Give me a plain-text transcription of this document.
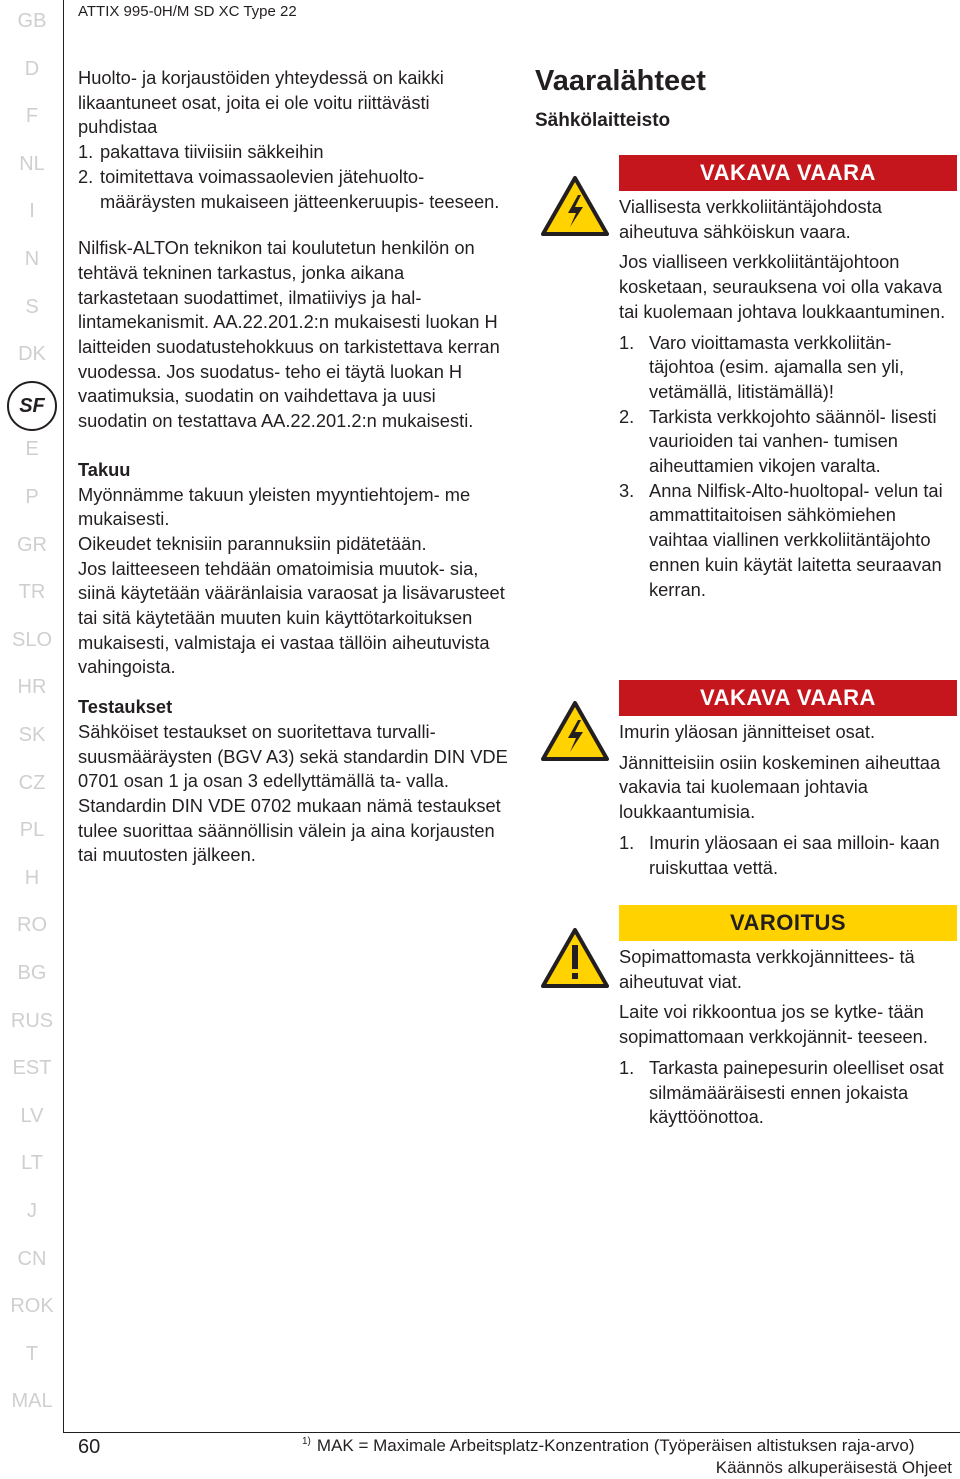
ATTIX 995-0H/M SD XC Type 22
GB
D
F
NL
I
N
S
DK
SF
E
P
GR
TR
SLO
HR
SK
CZ
PL
H
RO
BG
RUS
EST
LV
LT
J
CN
ROK
T
MAL

Huolto- ja korjaustöiden yhteydessä on kaikki likaantuneet osat, joita ei ole voitu riittävästi puhdistaa

1. pakattava tiiviisiin säkkeihin
2. toimitettava voimassaolevien jätehuolto- määräysten mukaiseen jätteenkeruupis- teeseen.

Nilfisk-ALTOn teknikon tai koulutetun henkilön on tehtävä tekninen tarkastus, jonka aikana tarkastetaan suodattimet, ilmatiiviys ja hal- lintamekanismit. AA.22.201.2:n mukaisesti luokan H laitteiden suodatustehokkuus on tarkistettava kerran vuodessa. Jos suodatus- teho ei täytä luokan H vaatimuksia, suodatin on vaihdettava ja uusi suodatin on testattava AA.22.201.2:n mukaisesti.

Takuu

Myönnämme takuun yleisten myyntiehtojem- me mukaisesti.

Oikeudet teknisiin parannuksiin pidätetään.

Jos laitteeseen tehdään omatoimisia muutok- sia, siinä käytetään vääränlaisia varaosat ja lisävarusteet tai sitä käytetään muuten kuin käyttötarkoituksen mukaisesti, valmistaja ei vastaa tällöin aiheutuvista vahingoista.

Testaukset

Sähköiset testaukset on suoritettava turvalli- suusmääräysten (BGV A3) sekä standardin DIN VDE 0701 osan 1 ja osan 3 edellyttämällä ta- valla. Standardin DIN VDE 0702 mukaan nämä testaukset tulee suorittaa säännöllisin välein ja aina korjausten tai muutosten jälkeen.

Vaaralähteet

Sähkölaitteisto

VAKAVA VAARA

Viallisesta verkkoliitäntäjohdosta aiheutuva sähköiskun vaara.

Jos vialliseen verkkoliitäntäjohtoon kosketaan, seurauksena voi olla vakava tai kuolemaan johtava loukkaantuminen.

1. Varo vioittamasta verkkoliitän- täjohtoa (esim. ajamalla sen yli, vetämällä, litistämällä)!
2. Tarkista verkkojohto säännöl- lisesti vaurioiden tai vanhen- tumisen aiheuttamien vikojen varalta.
3. Anna Nilfisk-Alto-huoltopal- velun tai ammattitaitoisen sähkömiehen vaihtaa viallinen verkkoliitäntäjohto ennen kuin käytät laitetta seuraavan kerran.
VAKAVA VAARA

Imurin yläosan jännitteiset osat.

Jännitteisiin osiin koskeminen aiheuttaa vakavia tai kuolemaan johtavia loukkaantumisia.

1. Imurin yläosaan ei saa milloin- kaan ruiskuttaa vettä.
VAROITUS

Sopimattomasta verkkojännittees- tä aiheutuvat viat.

Laite voi rikkoontua jos se kytke- tään sopimattomaan verkkojännit- teeseen.

1. Tarkasta painepesurin oleelliset osat silmämääräisesti ennen jokaista käyttöönottoa.
60	$^{1)}$ MAK = Maximale Arbeitsplatz-Konzentration (Työperäisen altistuksen raja-arvo)
Käännös alkuperäisestä Ohjeet
